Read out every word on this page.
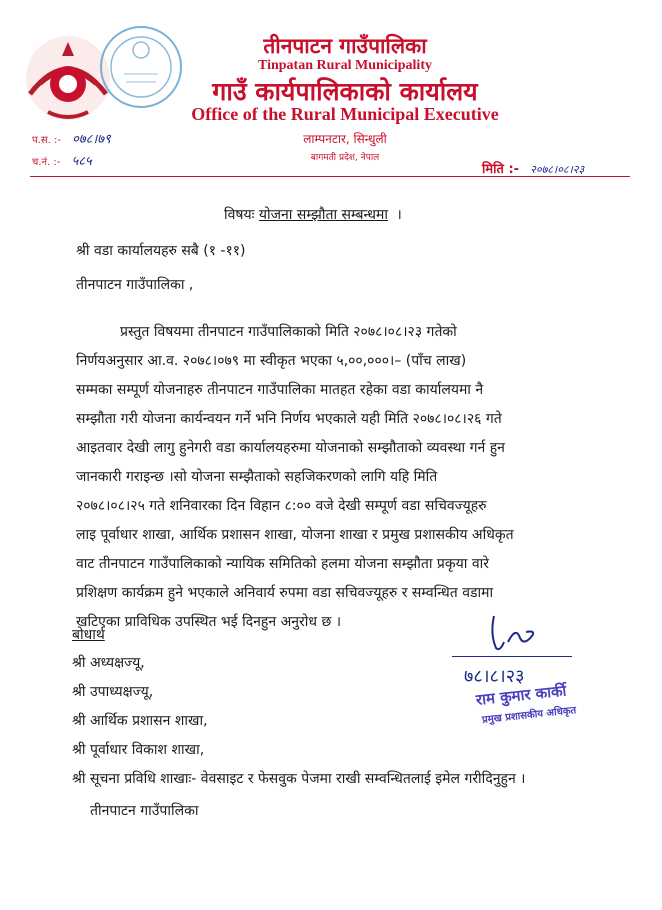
तीनपाटन गाउँपालिका
Tinpatan Rural Municipality
गाउँ कार्यपालिकाको कार्यालय
Office of the Rural Municipal Executive
लाम्पनटार, सिन्धुली
बागमती प्रदेश, नेपाल
प.स. :- ०७८।७९
च.नं. :- ५८५
मिति :- २०७८।०८।२३
विषयः योजना सम्झौता सम्बन्धमा ।
श्री वडा कार्यालयहरु सबै (१ -११)
तीनपाटन गाउँपालिका ,
प्रस्तुत विषयमा तीनपाटन गाउँपालिकाको मिति २०७८।०८।२३ गतेको
निर्णयअनुसार आ.व. २०७८।०७९ मा स्वीकृत भएका ५,००,०००।– (पाँच लाख)
सम्मका सम्पूर्ण योजनाहरु तीनपाटन गाउँपालिका मातहत रहेका वडा कार्यालयमा नै
सम्झौता गरी योजना कार्यन्वयन गर्ने भनि निर्णय भएकाले यही मिति २०७८।०८।२६ गते
आइतवार देखी लागु हुनेगरी वडा कार्यालयहरुमा योजनाको सम्झौताको व्यवस्था गर्न हुन
जानकारी गराइन्छ ।सो योजना सम्झैताको सहजिकरणको लागि यहि मिति
२०७८।०८।२५ गते शनिवारका दिन विहान ८:०० वजे देखी सम्पूर्ण वडा सचिवज्यूहरु
लाइ पूर्वाधार शाखा, आर्थिक प्रशासन शाखा, योजना शाखा र प्रमुख प्रशासकीय अधिकृत
वाट तीनपाटन गाउँपालिकाको न्यायिक समितिको हलमा योजना सम्झौता प्रकृया वारे
प्रशिक्षण कार्यक्रम हुने भएकाले अनिवार्य रुपमा वडा सचिवज्यूहरु र सम्वन्धित वडामा
खटिएका प्राविधिक उपस्थित भई दिनहुन अनुरोध छ ।
७८।८।२३
राम कुमार कार्की
प्रमुख प्रशासकीय अधिकृत
बोधार्थ
श्री अध्यक्षज्यू,
श्री उपाध्यक्षज्यू,
श्री आर्थिक प्रशासन शाखा,
श्री पूर्वाधार विकाश शाखा,
श्री सूचना प्रविधि शाखाः- वेवसाइट र फेसवुक पेजमा राखी सम्वन्धितलाई इमेल गरीदिनुहुन ।
तीनपाटन गाउँपालिका
